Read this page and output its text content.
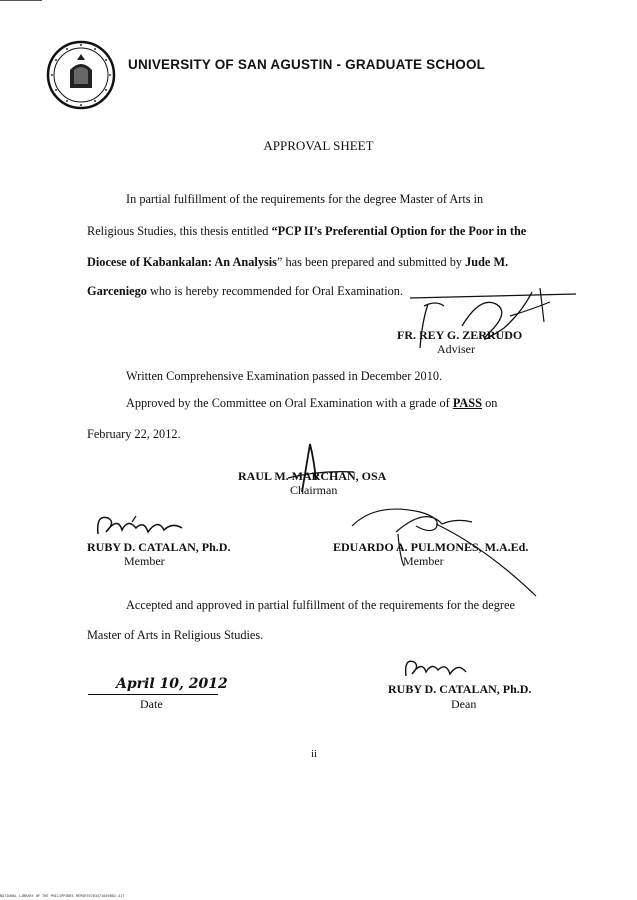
UNIVERSITY OF SAN AGUSTIN - GRADUATE SCHOOL
APPROVAL SHEET
In partial fulfillment of the requirements for the degree Master of Arts in
Religious Studies, this thesis entitled “PCP II’s Preferential Option for the Poor in the
Diocese of Kabankalan: An Analysis” has been prepared and submitted by Jude M.
Garceniego who is hereby recommended for Oral Examination.
FR. REY G. ZERRUDO
Adviser
Written Comprehensive Examination passed in December 2010.
Approved by the Committee on Oral Examination with a grade of PASS on
February 22, 2012.
RAUL M. MARCHAN, OSA
Chairman
RUBY D. CATALAN, Ph.D.
Member
EDUARDO A. PULMONES, M.A.Ed.
Member
Accepted and approved in partial fulfillment of the requirements for the degree
Master of Arts in Religious Studies.
April 10, 2012
Date
RUBY D. CATALAN, Ph.D.
Dean
ii
NATIONAL LIBRARY OF THE PHILIPPINES REPORT0703471049802-417
